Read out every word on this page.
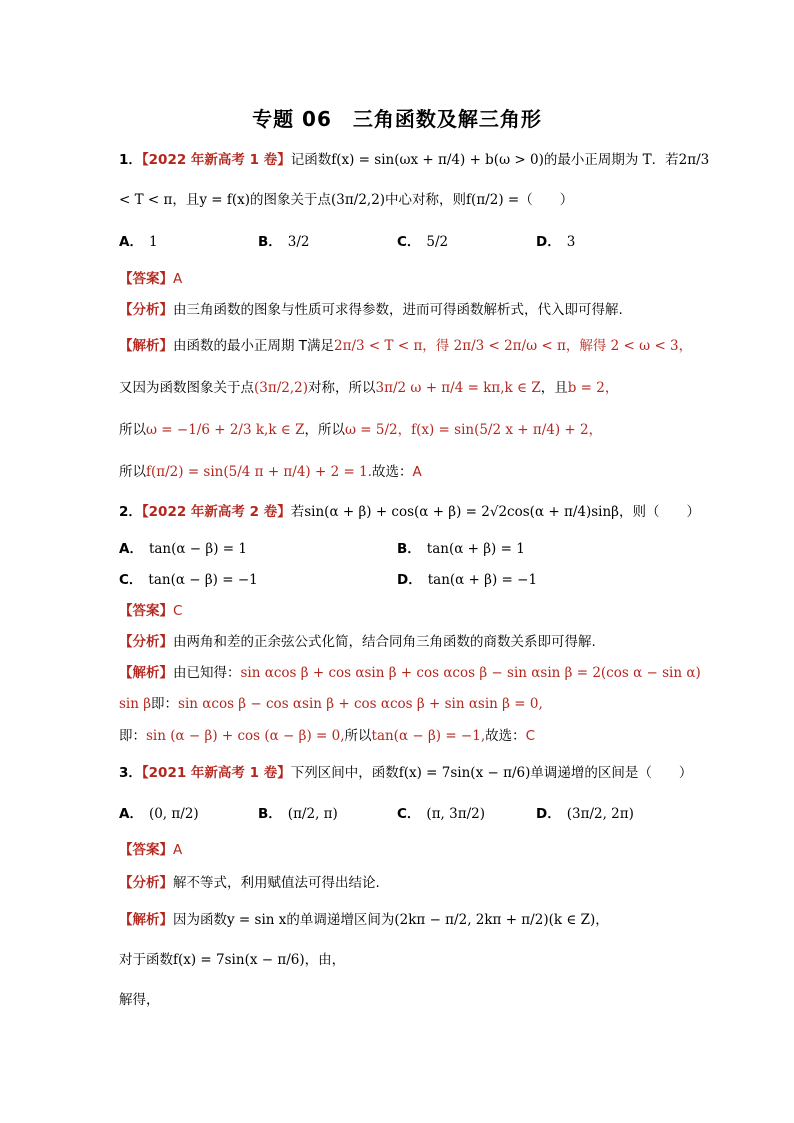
专题 06　三角函数及解三角形
1．【2022 年新高考 1 卷】记函数f(x) = sin(ωx + π/4) + b(ω > 0)的最小正周期为 T．若2π/3
< T < π，且y = f(x)的图象关于点(3π/2,2)中心对称，则f(π/2) =（　　）
A． 1	B． 3/2	C． 5/2	D． 3
【答案】A
【分析】由三角函数的图象与性质可求得参数，进而可得函数解析式，代入即可得解.
【解析】由函数的最小正周期 T满足2π/3 < T < π，得 2π/3 < 2π/ω < π，解得 2 < ω < 3，
又因为函数图象关于点(3π/2,2)对称，所以3π/2 ω + π/4 = kπ,k ∈ Z，且b = 2，
所以ω = −1/6 + 2/3 k,k ∈ Z，所以ω = 5/2，f(x) = sin(5/2 x + π/4) + 2，
所以f(π/2) = sin(5/4 π + π/4) + 2 = 1.故选：A
2．【2022 年新高考 2 卷】若sin(α + β) + cos(α + β) = 2√2cos(α + π/4)sinβ，则（　　）
A． tan(α − β) = 1	B． tan(α + β) = 1
C． tan(α − β) = −1	D． tan(α + β) = −1
【答案】C
【分析】由两角和差的正余弦公式化简，结合同角三角函数的商数关系即可得解.
【解析】由已知得：sin αcos β + cos αsin β + cos αcos β − sin αsin β = 2(cos α − sin α)
sin β即：sin αcos β − cos αsin β + cos αcos β + sin αsin β = 0,
即：sin (α − β) + cos (α − β) = 0,所以tan(α − β) = −1,故选：C
3．【2021 年新高考 1 卷】下列区间中，函数f(x) = 7sin(x − π/6)单调递增的区间是（　　）
A． (0, π/2)	B． (π/2, π)	C． (π, 3π/2)	D． (3π/2, 2π)
【答案】A
【分析】解不等式，利用赋值法可得出结论.
【解析】因为函数y = sin x的单调递增区间为(2kπ − π/2, 2kπ + π/2)(k ∈ Z)，
对于函数f(x) = 7sin(x − π/6)，由，
解得，
